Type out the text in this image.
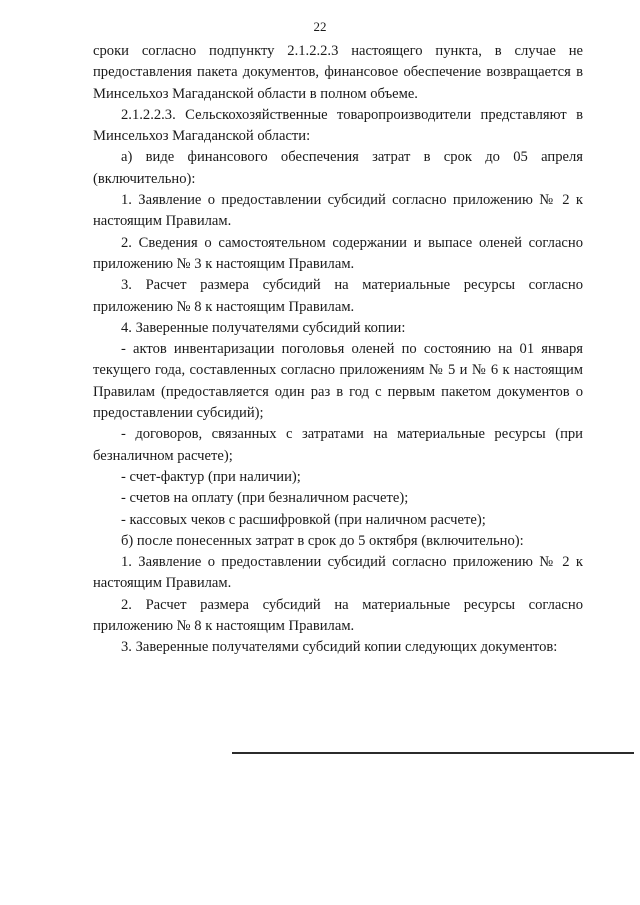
22

сроки согласно подпункту 2.1.2.2.3 настоящего пункта, в случае не предоставления пакета документов, финансовое обеспечение возвращается в Минсельхоз Магаданской области в полном объеме.

2.1.2.2.3. Сельскохозяйственные товаропроизводители представляют в Минсельхоз Магаданской области:

а) виде финансового обеспечения затрат в срок до 05 апреля (включительно):

1. Заявление о предоставлении субсидий согласно приложению № 2 к настоящим Правилам.

2. Сведения о самостоятельном содержании и выпасе оленей согласно приложению № 3 к настоящим Правилам.

3. Расчет размера субсидий на материальные ресурсы согласно приложению № 8 к настоящим Правилам.

4. Заверенные получателями субсидий копии:

- актов инвентаризации поголовья оленей по состоянию на 01 января текущего года, составленных согласно приложениям № 5 и № 6 к настоящим Правилам (предоставляется один раз в год с первым пакетом документов о предоставлении субсидий);

- договоров, связанных с затратами на материальные ресурсы (при безналичном расчете);

- счет-фактур (при наличии);

- счетов на оплату (при безналичном расчете);

- кассовых чеков с расшифровкой (при наличном расчете);

б) после понесенных затрат в срок до 5 октября (включительно):

1. Заявление о предоставлении субсидий согласно приложению № 2 к настоящим Правилам.

2. Расчет размера субсидий на материальные ресурсы согласно приложению № 8 к настоящим Правилам.

3. Заверенные получателями субсидий копии следующих документов:
